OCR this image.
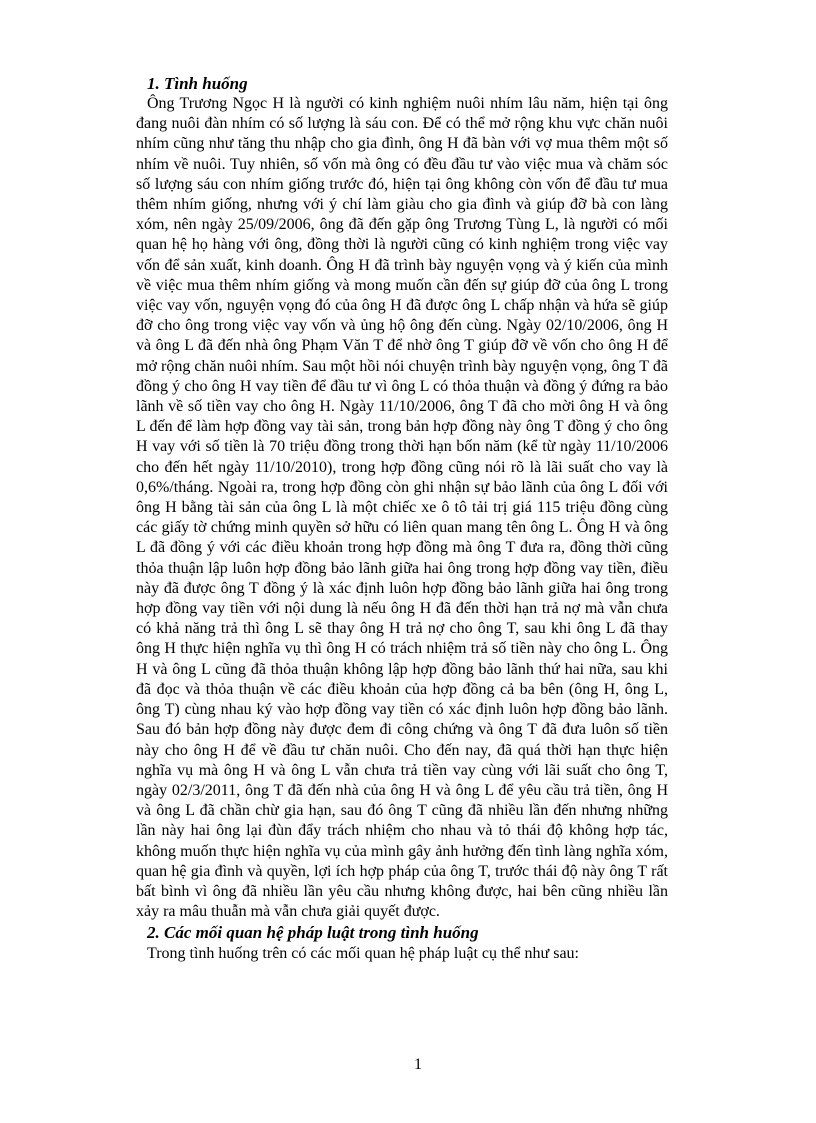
1. Tình huống

Ông Trương Ngọc H là người có kinh nghiệm nuôi nhím lâu năm, hiện tại ông đang nuôi đàn nhím có số lượng là sáu con. Để có thể mở rộng khu vực chăn nuôi nhím cũng như tăng thu nhập cho gia đình, ông H đã bàn với vợ mua thêm một số nhím về nuôi. Tuy nhiên, số vốn mà ông có đều đầu tư vào việc mua và chăm sóc số lượng sáu con nhím giống trước đó, hiện tại ông không còn vốn để đầu tư mua thêm nhím giống, nhưng với ý chí làm giàu cho gia đình và giúp đỡ bà con làng xóm, nên ngày 25/09/2006, ông đã đến gặp ông Trương Tùng L, là người có mối quan hệ họ hàng với ông, đồng thời là người cũng có kinh nghiệm trong việc vay vốn để sản xuất, kinh doanh. Ông H đã trình bày nguyện vọng và ý kiến của mình về việc mua thêm nhím giống và mong muốn cần đến sự giúp đỡ của ông L trong việc vay vốn, nguyện vọng đó của ông H đã được ông L chấp nhận và hứa sẽ giúp đỡ cho ông trong việc vay vốn và ủng hộ ông đến cùng. Ngày 02/10/2006, ông H và ông L đã đến nhà ông Phạm Văn T để nhờ ông T giúp đỡ về vốn cho ông H để mở rộng chăn nuôi nhím. Sau một hồi nói chuyện trình bày nguyện vọng, ông T đã đồng ý cho ông H vay tiền để đầu tư vì ông L có thỏa thuận và đồng ý đứng ra bảo lãnh về số tiền vay cho ông H. Ngày 11/10/2006, ông T đã cho mời ông H và ông L đến để làm hợp đồng vay tài sản, trong bản hợp đồng này ông T đồng ý cho ông H vay với số tiền là 70 triệu đồng trong thời hạn bốn năm (kể từ ngày 11/10/2006 cho đến hết ngày 11/10/2010), trong hợp đồng cũng nói rõ là lãi suất cho vay là 0,6%/tháng. Ngoài ra, trong hợp đồng còn ghi nhận sự bảo lãnh của ông L đối với ông H bằng tài sản của ông L là một chiếc xe ô tô tải trị giá 115 triệu đồng cùng các giấy tờ chứng minh quyền sở hữu có liên quan mang tên ông L. Ông H và ông L đã đồng ý với các điều khoản trong hợp đồng mà ông T đưa ra, đồng thời cũng thỏa thuận lập luôn hợp đồng bảo lãnh giữa hai ông trong hợp đồng vay tiền, điều này đã được ông T đồng ý là xác định luôn hợp đồng bảo lãnh giữa hai ông trong hợp đồng vay tiền với nội dung là nếu ông H đã đến thời hạn trả nợ mà vẫn chưa có khả năng trả thì ông L sẽ thay ông H trả nợ cho ông T, sau khi ông L đã thay ông H thực hiện nghĩa vụ thì ông H có trách nhiệm trả số tiền này cho ông L. Ông H và ông L cũng đã thỏa thuận không lập hợp đồng bảo lãnh thứ hai nữa, sau khi đã đọc và thỏa thuận về các điều khoản của hợp đồng cả ba bên (ông H, ông L, ông T) cùng nhau ký vào hợp đồng vay tiền có xác định luôn hợp đồng bảo lãnh. Sau đó bản hợp đồng này được đem đi công chứng và ông T đã đưa luôn số tiền này cho ông H để về đầu tư chăn nuôi. Cho đến nay, đã quá thời hạn thực hiện nghĩa vụ mà ông H và ông L vẫn chưa trả tiền vay cùng với lãi suất cho ông T, ngày 02/3/2011, ông T đã đến nhà của ông H và ông L để yêu cầu trả tiền, ông H và ông L đã chần chừ gia hạn, sau đó ông T cũng đã nhiều lần đến nhưng những lần này hai ông lại đùn đẩy trách nhiệm cho nhau và tỏ thái độ không hợp tác, không muốn thực hiện nghĩa vụ của mình gây ảnh hưởng đến tình làng nghĩa xóm, quan hệ gia đình và quyền, lợi ích hợp pháp của ông T, trước thái độ này ông T rất bất bình vì ông đã nhiều lần yêu cầu nhưng không được, hai bên cũng nhiều lần xảy ra mâu thuẫn mà vẫn chưa giải quyết được.

2. Các mối quan hệ pháp luật trong tình huống

Trong tình huống trên có các mối quan hệ pháp luật cụ thể như sau:

1
